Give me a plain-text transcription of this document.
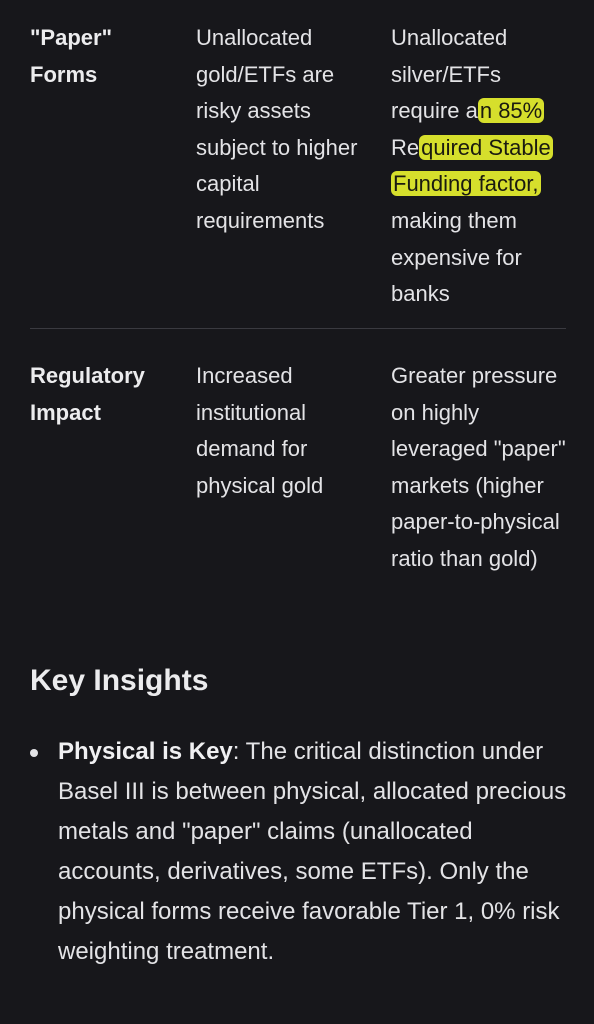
"Paper" Forms
Unallocated gold/ETFs are risky assets subject to higher capital requirements
Unallocated silver/ETFs require an 85% Required Stable Funding factor, making them expensive for banks
Regulatory Impact
Increased institutional demand for physical gold
Greater pressure on highly leveraged "paper" markets (higher paper-to-physical ratio than gold)
Key Insights
Physical is Key: The critical distinction under Basel III is between physical, allocated precious metals and "paper" claims (unallocated accounts, derivatives, some ETFs). Only the physical forms receive favorable Tier 1, 0% risk weighting treatment.
